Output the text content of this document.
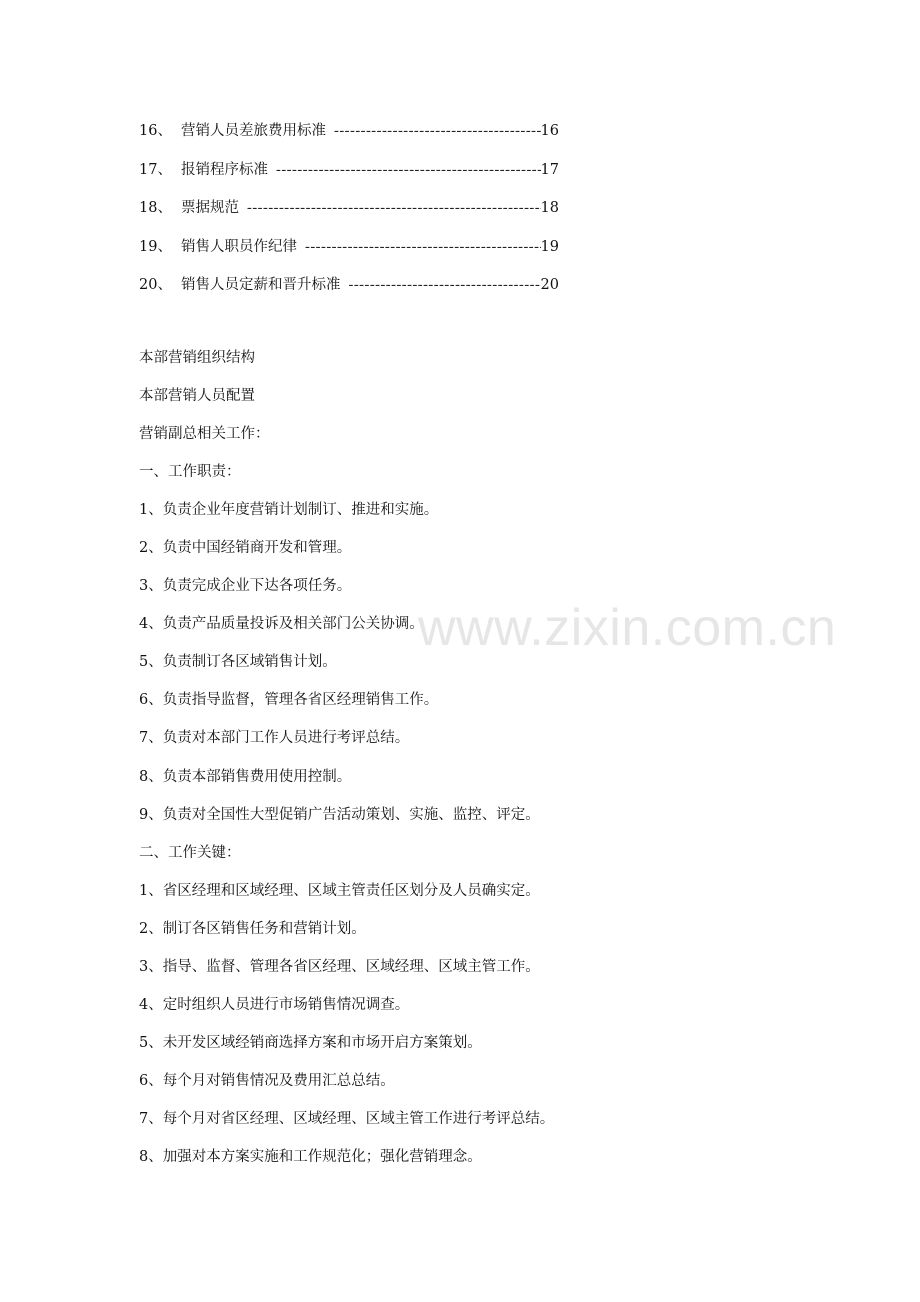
16、 营销人员差旅费用标准 -----	16
17、 报销程序标准 -----	17
18、 票据规范 -----	18
19、 销售人职员作纪律 -----	19
20、 销售人员定薪和晋升标准 -----	20
本部营销组织结构
本部营销人员配置
营销副总相关工作：
一、工作职责：
1、负责企业年度营销计划制订、推进和实施。
2、负责中国经销商开发和管理。
3、负责完成企业下达各项任务。
4、负责产品质量投诉及相关部门公关协调。
5、负责制订各区域销售计划。
6、负责指导监督，管理各省区经理销售工作。
7、负责对本部门工作人员进行考评总结。
8、负责本部销售费用使用控制。
9、负责对全国性大型促销广告活动策划、实施、监控、评定。
二、工作关键：
1、省区经理和区域经理、区域主管责任区划分及人员确实定。
2、制订各区销售任务和营销计划。
3、指导、监督、管理各省区经理、区域经理、区域主管工作。
4、定时组织人员进行市场销售情况调查。
5、未开发区域经销商选择方案和市场开启方案策划。
6、每个月对销售情况及费用汇总总结。
7、每个月对省区经理、区域经理、区域主管工作进行考评总结。
8、加强对本方案实施和工作规范化；强化营销理念。
www.zixin.com.cn
